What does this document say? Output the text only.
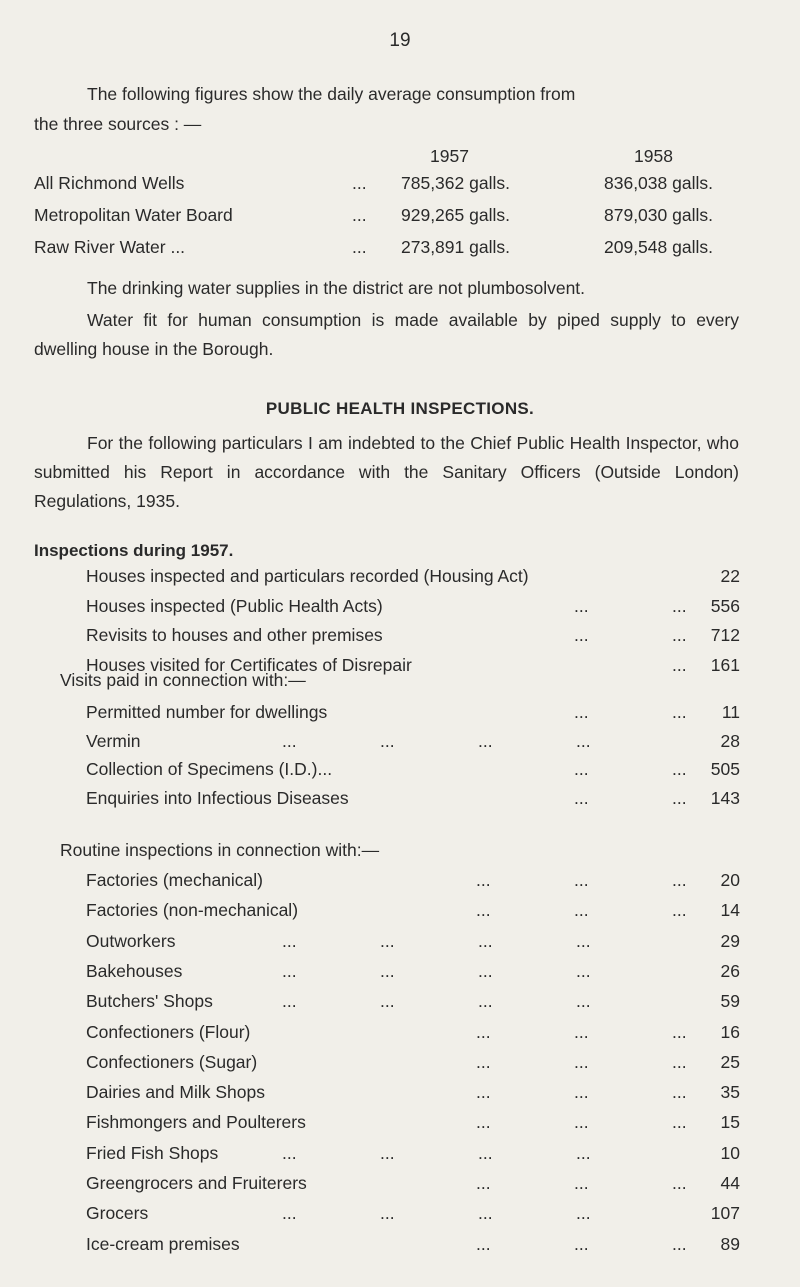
19
The following figures show the daily average consumption from
the three sources : —
1957	1958
All Richmond Wells	... 785,362 galls.	836,038 galls.
Metropolitan Water Board	... 929,265 galls.	879,030 galls.
Raw River Water ...	... 273,891 galls.	209,548 galls.
The drinking water supplies in the district are not plumbosolvent.
Water fit for human consumption is made available by piped supply to every dwelling house in the Borough.
PUBLIC HEALTH INSPECTIONS.
For the following particulars I am indebted to the Chief Public Health Inspector, who submitted his Report in accordance with the Sanitary Officers (Outside London) Regulations, 1935.
Inspections during 1957.
Houses inspected and particulars recorded (Housing Act)	22
Houses inspected (Public Health Acts)	...	... 556
Revisits to houses and other premises	...	... 712
Houses visited for Certificates of Disrepair	... 161
Visits paid in connection with:—
Permitted number for dwellings	...	... 11
Vermin	...	...	...	...	28
Collection of Specimens (I.D.)...	...	... 505
Enquiries into Infectious Diseases	...	... 143
Routine inspections in connection with:—
Factories (mechanical)	...	...	... 20
Factories (non-mechanical)	...	...	... 14
Outworkers	...	...	...	...	29
Bakehouses	...	...	...	...	26
Butchers' Shops	...	...	...	...	59
Confectioners (Flour)	...	...	... 16
Confectioners (Sugar)	...	...	... 25
Dairies and Milk Shops	...	...	... 35
Fishmongers and Poulterers	...	...	... 15
Fried Fish Shops	...	...	...	...	10
Greengrocers and Fruiterers	...	...	... 44
Grocers	...	...	...	...	107
Ice-cream premises	...	...	... 89
